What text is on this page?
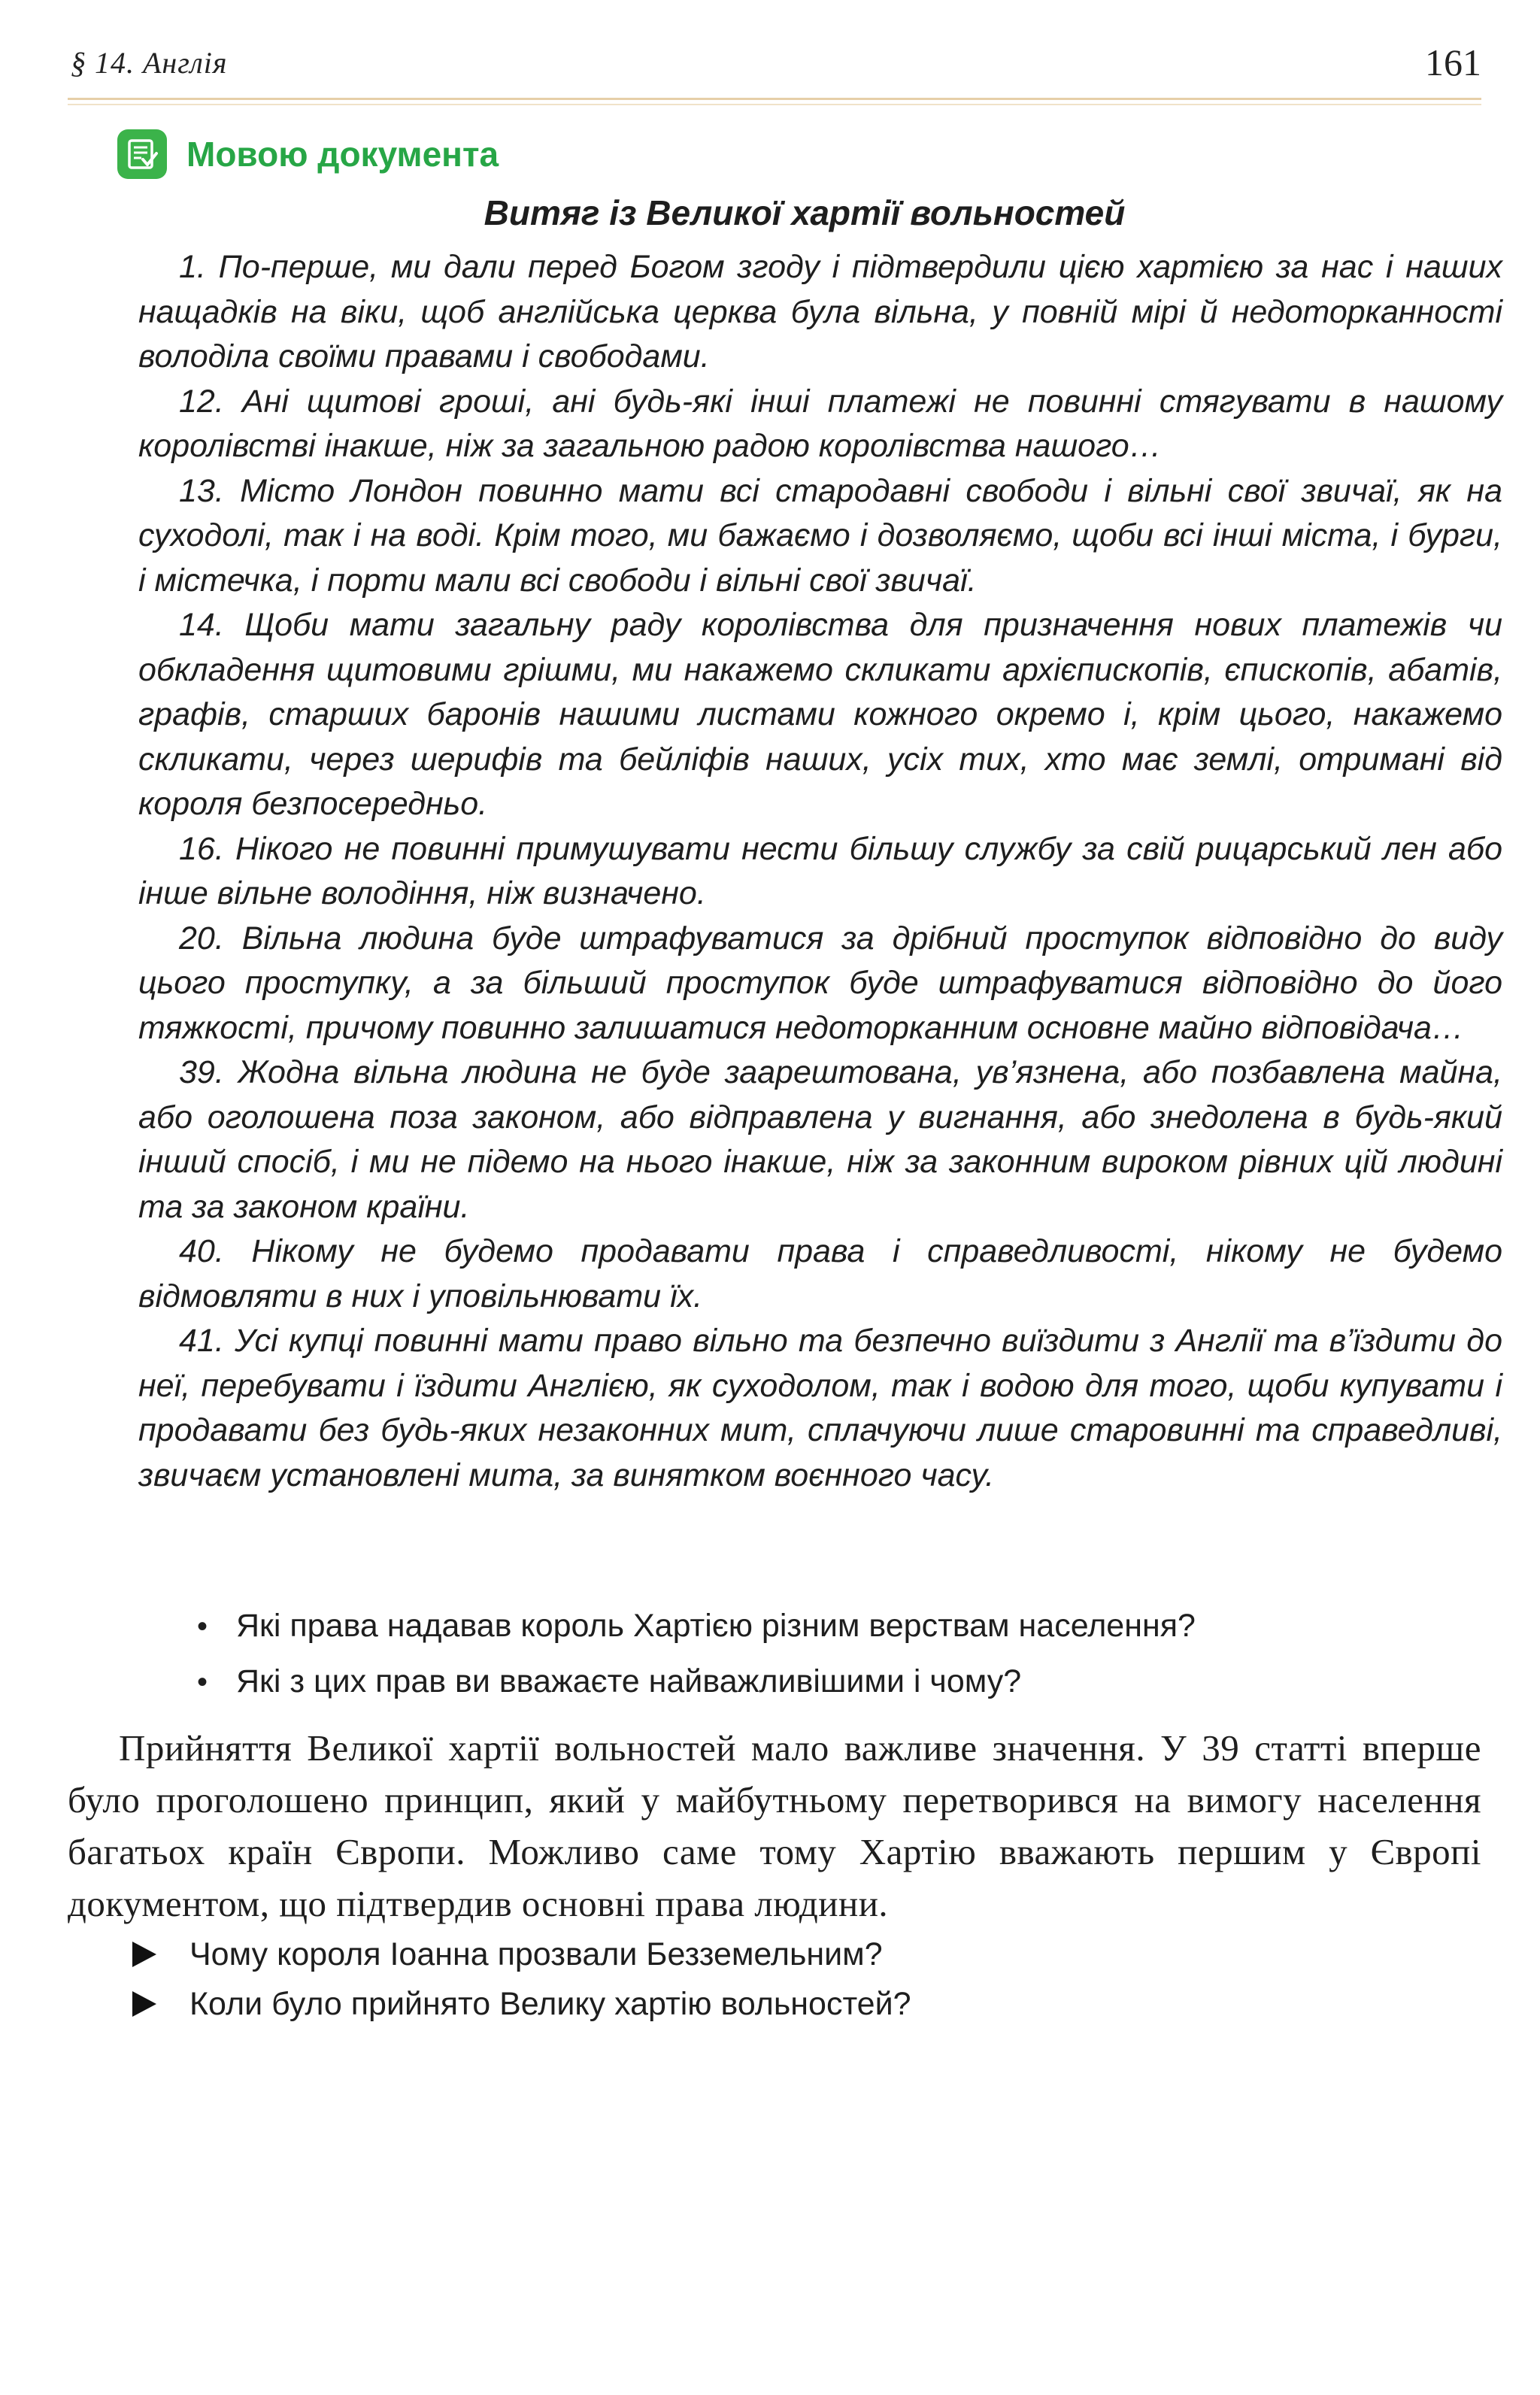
§ 14. Англія	161
Мовою документа
Витяг із Великої хартії вольностей

1. По-перше, ми дали перед Богом згоду і підтвердили цією хартією за нас і наших нащадків на віки, щоб англійська церква була вільна, у повній мірі й недоторканності володіла своїми правами і свободами.

12. Ані щитові гроші, ані будь-які інші платежі не повинні стягувати в нашому королівстві інакше, ніж за загальною радою королівства нашого…

13. Місто Лондон повинно мати всі стародавні свободи і вільні свої звичаї, як на суходолі, так і на воді. Крім того, ми бажаємо і дозволяємо, щоби всі інші міста, і бурги, і містечка, і порти мали всі свободи і вільні свої звичаї.

14. Щоби мати загальну раду королівства для призначення нових платежів чи обкладення щитовими грішми, ми накажемо скликати архієпископів, єпископів, абатів, графів, старших баронів нашими листами кожного окремо і, крім цього, накажемо скликати, через шерифів та бейліфів наших, усіх тих, хто має землі, отримані від короля безпосередньо.

16. Нікого не повинні примушувати нести більшу службу за свій рицарський лен або інше вільне володіння, ніж визначено.

20. Вільна людина буде штрафуватися за дрібний проступок відповідно до виду цього проступку, а за більший проступок буде штрафуватися відповідно до його тяжкості, причому повинно залишатися недоторканним основне майно відповідача…

39. Жодна вільна людина не буде заарештована, ув’язнена, або позбавлена майна, або оголошена поза законом, або відправлена у вигнання, або знедолена в будь-який інший спосіб, і ми не підемо на нього інакше, ніж за законним вироком рівних цій людині та за законом країни.

40. Нікому не будемо продавати права і справедливості, нікому не будемо відмовляти в них і уповільнювати їх.

41. Усі купці повинні мати право вільно та безпечно виїздити з Англії та в’їздити до неї, перебувати і їздити Англією, як суходолом, так і водою для того, щоби купувати і продавати без будь-яких незаконних мит, сплачуючи лише старовинні та справедливі, звичаєм установлені мита, за винятком воєнного часу.

• Які права надавав король Хартією різним верствам населення?
• Які з цих прав ви вважаєте найважливішими і чому?

Прийняття Великої хартії вольностей мало важливе значення. У 39 статті вперше було проголошено принцип, який у майбутньому перетворився на вимогу населення багатьох країн Європи. Можливо саме тому Хартію вважають першим у Європі документом, що підтвердив основні права людини.

Чому короля Іоанна прозвали Безземельним?
Коли було прийнято Велику хартію вольностей?
